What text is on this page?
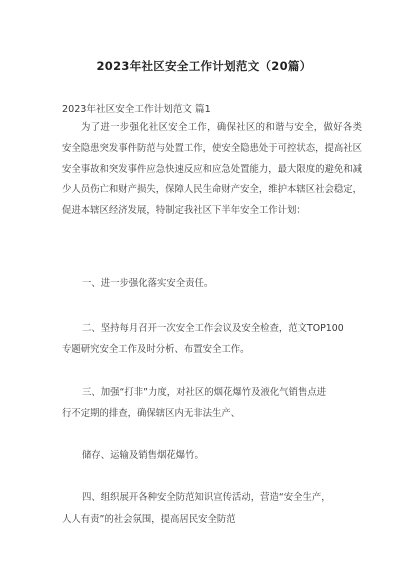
2023年社区安全工作计划范文（20篇）
2023年社区安全工作计划范文 篇1

为了进一步强化社区安全工作，确保社区的和谐与安全，做好各类安全隐患突发事件防范与处置工作，使安全隐患处于可控状态，提高社区安全事故和突发事件应急快速反应和应急处置能力，最大限度的避免和减少人员伤亡和财产损失，保障人民生命财产安全，维护本辖区社会稳定，促进本辖区经济发展，特制定我社区下半年安全工作计划：

一、进一步强化落实安全责任。
二、坚持每月召开一次安全工作会议及安全检查，范文TOP100
专题研究安全工作及时分析、布置安全工作。
三、加强“打非”力度，对社区的烟花爆竹及液化气销售点进
行不定期的排查，确保辖区内无非法生产、
储存、运输及销售烟花爆竹。
四、组织展开各种安全防范知识宣传活动，营造“安全生产，
人人有责”的社会氛围，提高居民安全防范
